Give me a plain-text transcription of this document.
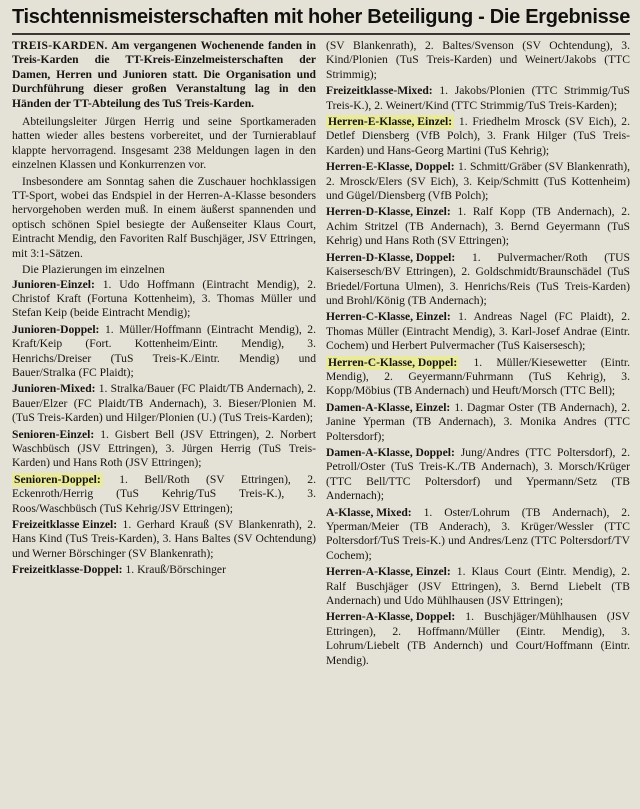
Tischtennismeisterschaften mit hoher Beteiligung - Die Ergebnisse

TREIS-KARDEN. Am vergangenen Wochenende fanden in Treis-Karden die TT-Kreis-Einzelmeisterschaften der Damen, Herren und Junioren statt. Die Organisation und Durchführung dieser großen Veranstaltung lag in den Händen der TT-Abteilung des TuS Treis-Karden.

Abteilungsleiter Jürgen Herrig und seine Sportkameraden hatten wieder alles bestens vorbereitet, und der Turnierablauf klappte hervorragend. Insgesamt 238 Meldungen lagen in den einzelnen Klassen und Konkurrenzen vor.

Insbesondere am Sonntag sahen die Zuschauer hochklassigen TT-Sport, wobei das Endspiel in der Herren-A-Klasse besonders hervorgehoben werden muß. In einem äußerst spannenden und optisch schönen Spiel besiegte der Außenseiter Klaus Court, Eintracht Mendig, den Favoriten Ralf Buschjäger, JSV Ettringen, mit 3:1-Sätzen.

Die Plazierungen im einzelnen

Junioren-Einzel: 1. Udo Hoffmann (Eintracht Mendig), 2. Christof Kraft (Fortuna Kottenheim), 3. Thomas Müller und Stefan Keip (beide Eintracht Mendig);

Junioren-Doppel: 1. Müller/Hoffmann (Eintracht Mendig), 2. Kraft/Keip (Fort. Kottenheim/Eintr. Mendig), 3. Henrichs/Dreiser (TuS Treis-K./Eintr. Mendig) und Bauer/Stralka (FC Plaidt);

Junioren-Mixed: 1. Stralka/Bauer (FC Plaidt/TB Andernach), 2. Bauer/Elzer (FC Plaidt/TB Andernach), 3. Bieser/Plonien M. (TuS Treis-Karden) und Hilger/Plonien (U.) (TuS Treis-Karden);

Senioren-Einzel: 1. Gisbert Bell (JSV Ettringen), 2. Norbert Waschbüsch (JSV Ettringen), 3. Jürgen Herrig (TuS Treis-Karden) und Hans Roth (JSV Ettringen);

Senioren-Doppel: 1. Bell/Roth (SV Ettringen), 2. Eckenroth/Herrig (TuS Kehrig/TuS Treis-K.), 3. Roos/Waschbüsch (TuS Kehrig/JSV Ettringen);

Freizeitklasse Einzel: 1. Gerhard Krauß (SV Blankenrath), 2. Hans Kind (TuS Treis-Karden), 3. Hans Baltes (SV Ochtendung) und Werner Börschinger (SV Blankenrath);

Freizeitklasse-Doppel: 1. Krauß/Börschinger

(SV Blankenrath), 2. Baltes/Svenson (SV Ochtendung), 3. Kind/Plonien (TuS Treis-Karden) und Weinert/Jakobs (TTC Strimmig);

Freizeitklasse-Mixed: 1. Jakobs/Plonien (TTC Strimmig/TuS Treis-K.), 2. Weinert/Kind (TTC Strimmig/TuS Treis-Karden);

Herren-E-Klasse, Einzel: 1. Friedhelm Mrosck (SV Eich), 2. Detlef Diensberg (VfB Polch), 3. Frank Hilger (TuS Treis-Karden) und Hans-Georg Martini (TuS Kehrig);

Herren-E-Klasse, Doppel: 1. Schmitt/Gräber (SV Blankenrath), 2. Mrosck/Elers (SV Eich), 3. Keip/Schmitt (TuS Kottenheim) und Gügel/Diensberg (VfB Polch);

Herren-D-Klasse, Einzel: 1. Ralf Kopp (TB Andernach), 2. Achim Stritzel (TB Andernach), 3. Bernd Geyermann (TuS Kehrig) und Hans Roth (SV Ettringen);

Herren-D-Klasse, Doppel: 1. Pulvermacher/Roth (TUS Kaisersesch/BV Ettringen), 2. Goldschmidt/Braunschädel (TuS Briedel/Fortuna Ulmen), 3. Henrichs/Reis (TuS Treis-Karden) und Brohl/König (TB Andernach);

Herren-C-Klasse, Einzel: 1. Andreas Nagel (FC Plaidt), 2. Thomas Müller (Eintracht Mendig), 3. Karl-Josef Andrae (Eintr. Cochem) und Herbert Pulvermacher (TuS Kaisersesch);

Herren-C-Klasse, Doppel: 1. Müller/Kiesewetter (Eintr. Mendig), 2. Geyermann/Fuhrmann (TuS Kehrig), 3. Kopp/Möbius (TB Andernach) und Heuft/Morsch (TTC Bell);

Damen-A-Klasse, Einzel: 1. Dagmar Oster (TB Andernach), 2. Janine Yperman (TB Andernach), 3. Monika Andres (TTC Poltersdorf);

Damen-A-Klasse, Doppel: Jung/Andres (TTC Poltersdorf), 2. Petroll/Oster (TuS Treis-K./TB Andernach), 3. Morsch/Krüger (TTC Bell/TTC Poltersdorf) und Ypermann/Setz (TB Andernach);

A-Klasse, Mixed: 1. Oster/Lohrum (TB Andernach), 2. Yperman/Meier (TB Anderach), 3. Krüger/Wessler (TTC Poltersdorf/TuS Treis-K.) und Andres/Lenz (TTC Poltersdorf/TV Cochem);

Herren-A-Klasse, Einzel: 1. Klaus Court (Eintr. Mendig), 2. Ralf Buschjäger (JSV Ettringen), 3. Bernd Liebelt (TB Andernach) und Udo Mühlhausen (JSV Ettringen);

Herren-A-Klasse, Doppel: 1. Buschjäger/Mühlhausen (JSV Ettringen), 2. Hoffmann/Müller (Eintr. Mendig), 3. Lohrum/Liebelt (TB Andernch) und Court/Hoffmann (Eintr. Mendig).
